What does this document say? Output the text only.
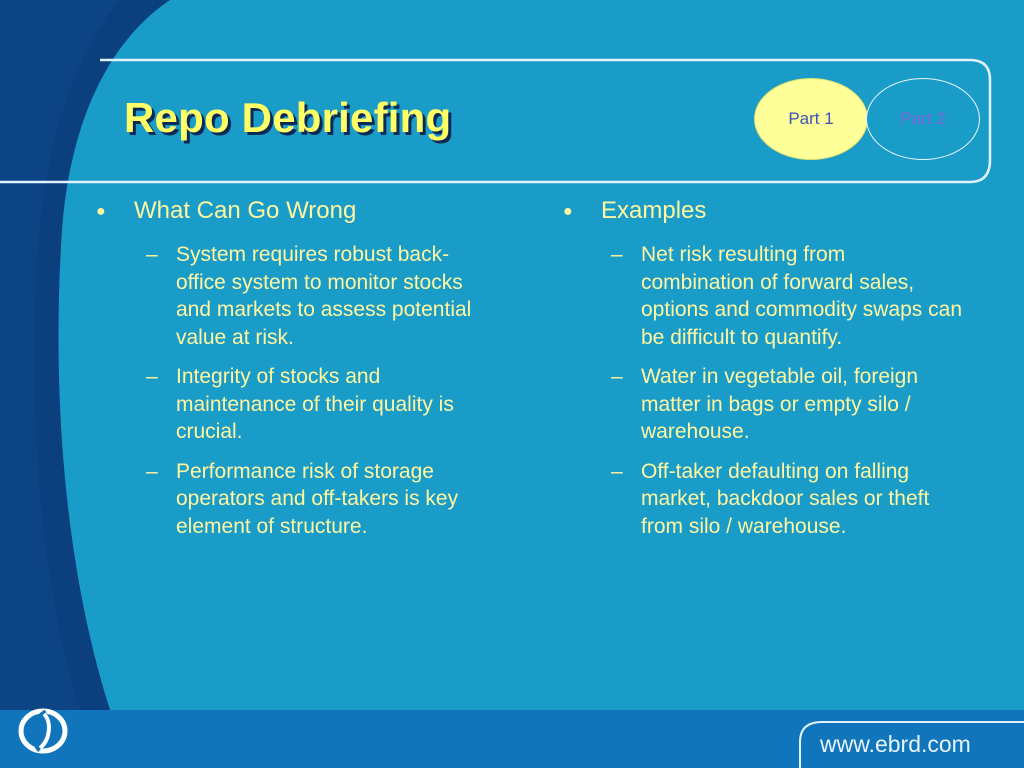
Repo Debriefing	Part 1	Part 2
●	What Can Go Wrong
– System requires robust back-office system to monitor stocks and markets to assess potential value at risk.
– Integrity of stocks and maintenance of their quality is crucial.
– Performance risk of storage operators and off-takers is key element of structure.
●	Examples
– Net risk resulting from combination of forward sales, options and commodity swaps can be difficult to quantify.
– Water in vegetable oil, foreign matter in bags or empty silo / warehouse.
– Off-taker defaulting on falling market, backdoor sales or theft from silo / warehouse.
www.ebrd.com
